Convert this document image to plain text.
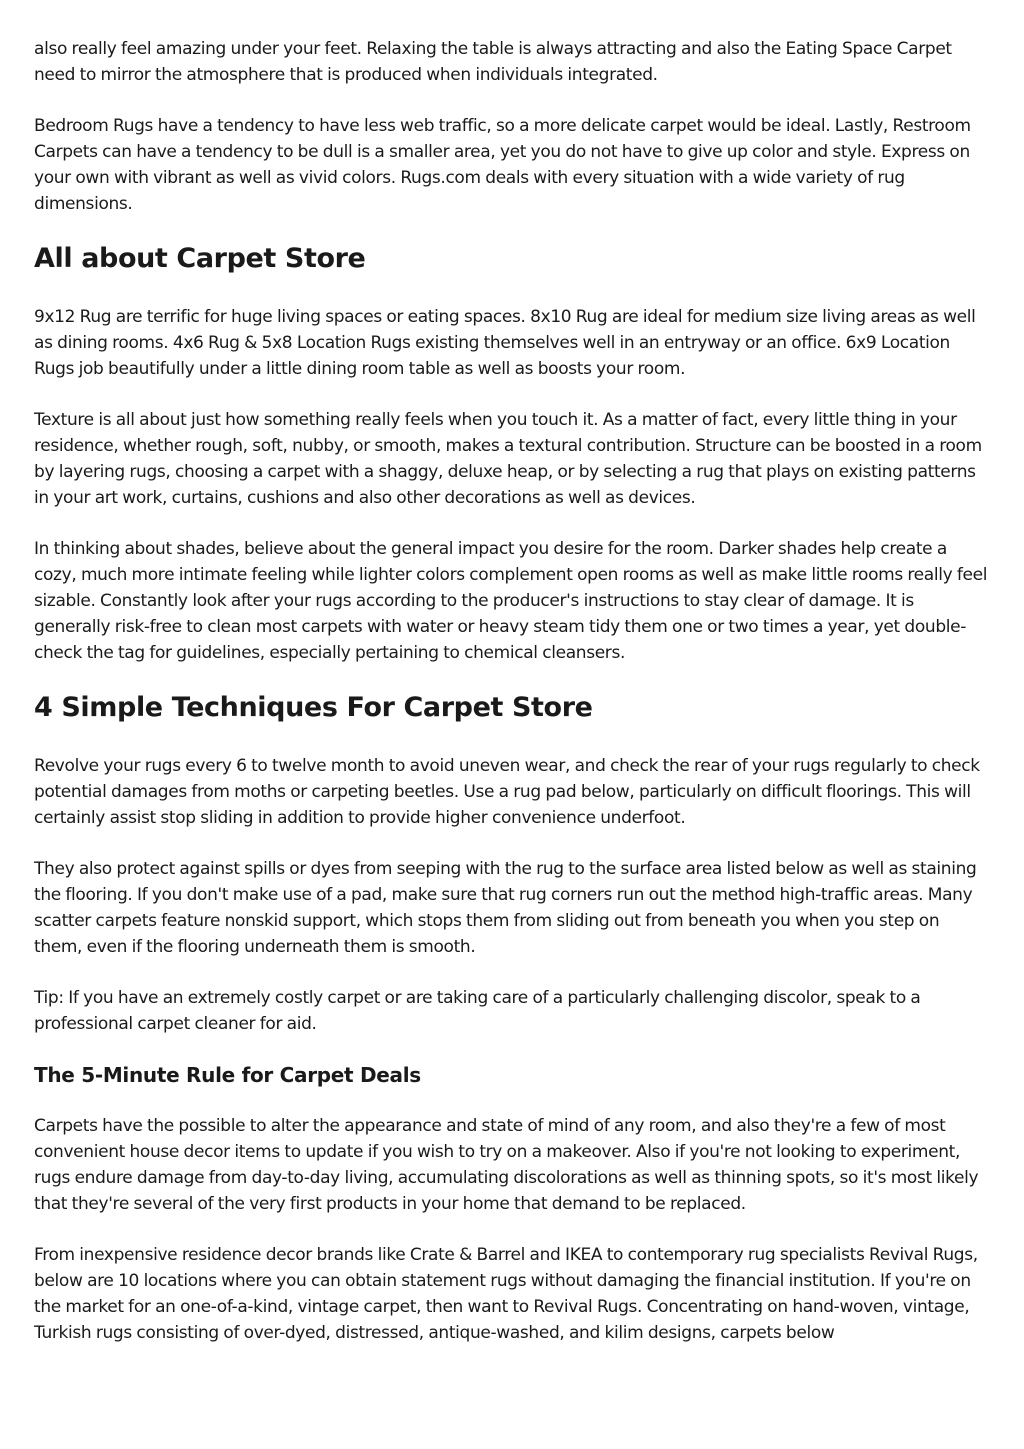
also really feel amazing under your feet. Relaxing the table is always attracting and also the Eating Space Carpet need to mirror the atmosphere that is produced when individuals integrated.

Bedroom Rugs have a tendency to have less web traffic, so a more delicate carpet would be ideal. Lastly, Restroom Carpets can have a tendency to be dull is a smaller area, yet you do not have to give up color and style. Express on your own with vibrant as well as vivid colors. Rugs.com deals with every situation with a wide variety of rug dimensions.

All about Carpet Store

9x12 Rug are terrific for huge living spaces or eating spaces. 8x10 Rug are ideal for medium size living areas as well as dining rooms. 4x6 Rug & 5x8 Location Rugs existing themselves well in an entryway or an office. 6x9 Location Rugs job beautifully under a little dining room table as well as boosts your room.

Texture is all about just how something really feels when you touch it. As a matter of fact, every little thing in your residence, whether rough, soft, nubby, or smooth, makes a textural contribution. Structure can be boosted in a room by layering rugs, choosing a carpet with a shaggy, deluxe heap, or by selecting a rug that plays on existing patterns in your art work, curtains, cushions and also other decorations as well as devices.

In thinking about shades, believe about the general impact you desire for the room. Darker shades help create a cozy, much more intimate feeling while lighter colors complement open rooms as well as make little rooms really feel sizable. Constantly look after your rugs according to the producer's instructions to stay clear of damage. It is generally risk-free to clean most carpets with water or heavy steam tidy them one or two times a year, yet double-check the tag for guidelines, especially pertaining to chemical cleansers.

4 Simple Techniques For Carpet Store

Revolve your rugs every 6 to twelve month to avoid uneven wear, and check the rear of your rugs regularly to check potential damages from moths or carpeting beetles. Use a rug pad below, particularly on difficult floorings. This will certainly assist stop sliding in addition to provide higher convenience underfoot.

They also protect against spills or dyes from seeping with the rug to the surface area listed below as well as staining the flooring. If you don't make use of a pad, make sure that rug corners run out the method high-traffic areas. Many scatter carpets feature nonskid support, which stops them from sliding out from beneath you when you step on them, even if the flooring underneath them is smooth.

Tip: If you have an extremely costly carpet or are taking care of a particularly challenging discolor, speak to a professional carpet cleaner for aid.

The 5-Minute Rule for Carpet Deals

Carpets have the possible to alter the appearance and state of mind of any room, and also they're a few of most convenient house decor items to update if you wish to try on a makeover. Also if you're not looking to experiment, rugs endure damage from day-to-day living, accumulating discolorations as well as thinning spots, so it's most likely that they're several of the very first products in your home that demand to be replaced.

From inexpensive residence decor brands like Crate & Barrel and IKEA to contemporary rug specialists Revival Rugs, below are 10 locations where you can obtain statement rugs without damaging the financial institution. If you're on the market for an one-of-a-kind, vintage carpet, then want to Revival Rugs. Concentrating on hand-woven, vintage, Turkish rugs consisting of over-dyed, distressed, antique-washed, and kilim designs, carpets below
